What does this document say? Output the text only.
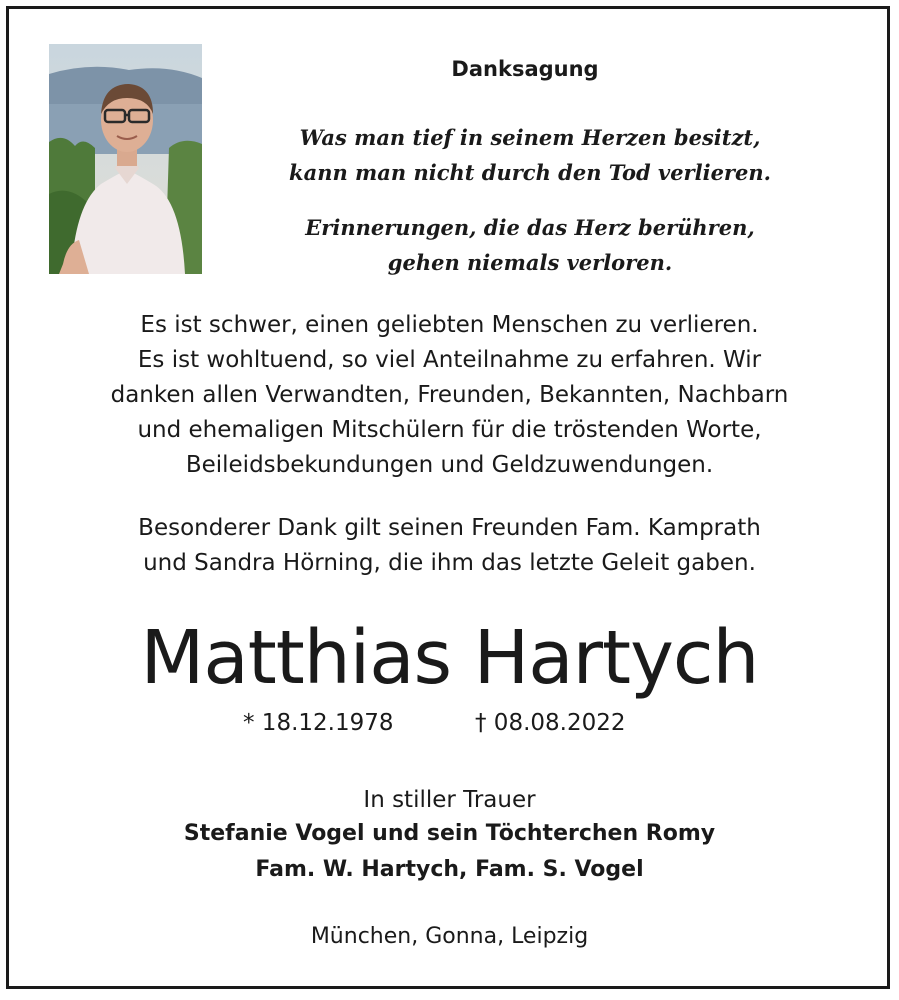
Danksagung
Was man tief in seinem Herzen besitzt,
kann man nicht durch den Tod verlieren.
Erinnerungen, die das Herz berühren,
gehen niemals verloren.
Es ist schwer, einen geliebten Menschen zu verlieren.
Es ist wohltuend, so viel Anteilnahme zu erfahren. Wir
danken allen Verwandten, Freunden, Bekannten, Nachbarn
und ehemaligen Mitschülern für die tröstenden Worte,
Beileidsbekundungen und Geldzuwendungen.
Besonderer Dank gilt seinen Freunden Fam. Kamprath
und Sandra Hörning, die ihm das letzte Geleit gaben.
Matthias Hartych
* 18.12.1978	† 08.08.2022
In stiller Trauer
Stefanie Vogel und sein Töchterchen Romy
Fam. W. Hartych, Fam. S. Vogel
München, Gonna, Leipzig
